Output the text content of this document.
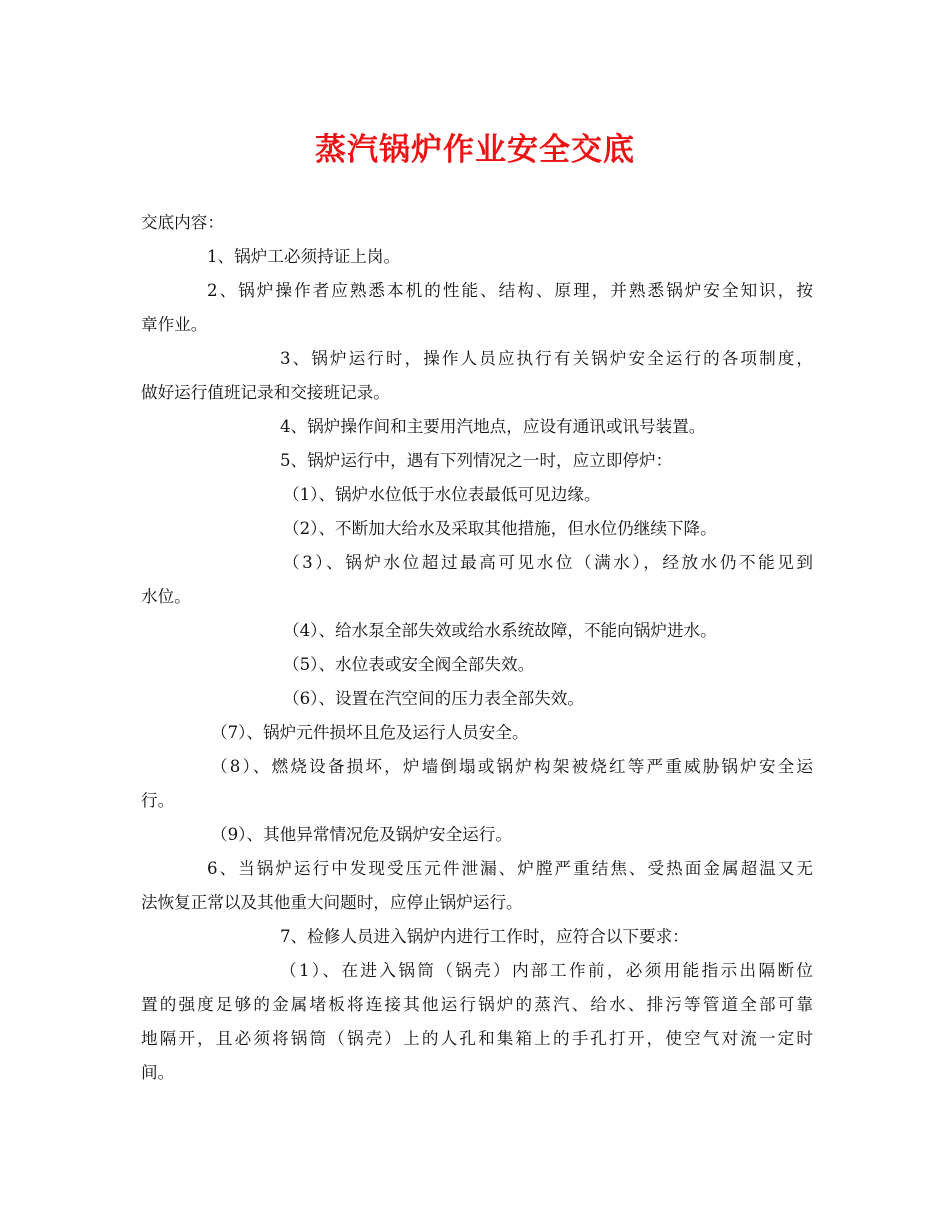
蒸汽锅炉作业安全交底
交底内容：
1、锅炉工必须持证上岗。
2、锅炉操作者应熟悉本机的性能、结构、原理，并熟悉锅炉安全知识，按
章作业。
3、锅炉运行时，操作人员应执行有关锅炉安全运行的各项制度，
做好运行值班记录和交接班记录。
4、锅炉操作间和主要用汽地点，应设有通讯或讯号装置。
5、锅炉运行中，遇有下列情况之一时，应立即停炉：
（1）、锅炉水位低于水位表最低可见边缘。
（2）、不断加大给水及采取其他措施，但水位仍继续下降。
（3）、锅炉水位超过最高可见水位（满水），经放水仍不能见到
水位。
（4）、给水泵全部失效或给水系统故障，不能向锅炉进水。
（5）、水位表或安全阀全部失效。
（6）、设置在汽空间的压力表全部失效。
（7）、锅炉元件损坏且危及运行人员安全。
（8）、燃烧设备损坏，炉墙倒塌或锅炉构架被烧红等严重威胁锅炉安全运
行。
（9）、其他异常情况危及锅炉安全运行。
6、当锅炉运行中发现受压元件泄漏、炉膛严重结焦、受热面金属超温又无
法恢复正常以及其他重大问题时，应停止锅炉运行。
7、检修人员进入锅炉内进行工作时，应符合以下要求：
（1）、在进入锅筒（锅壳）内部工作前，必须用能指示出隔断位
置的强度足够的金属堵板将连接其他运行锅炉的蒸汽、给水、排污等管道全部可靠
地隔开，且必须将锅筒（锅壳）上的人孔和集箱上的手孔打开，使空气对流一定时
间。
